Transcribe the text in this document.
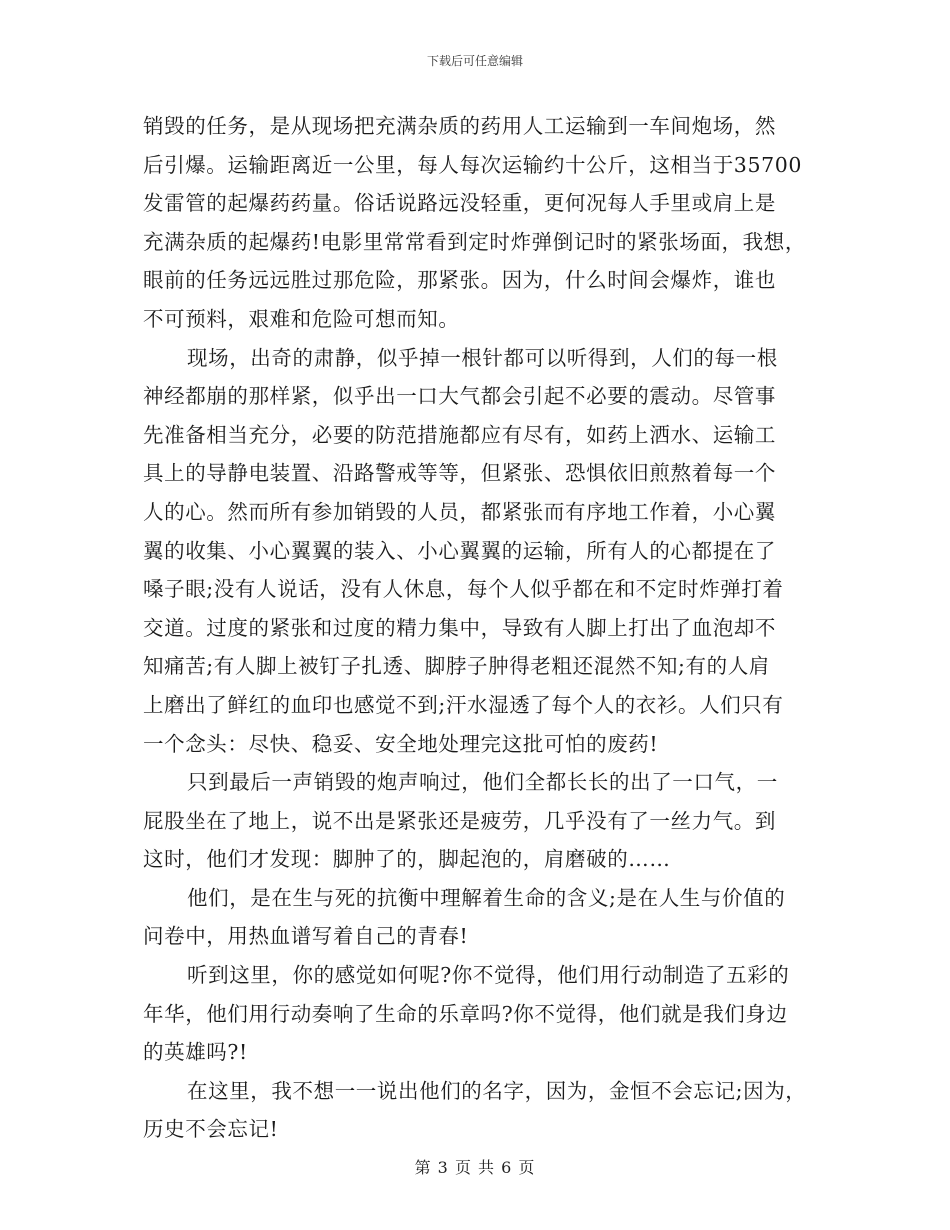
下载后可任意编辑
销毁的任务，是从现场把充满杂质的药用人工运输到一车间炮场，然
后引爆。运输距离近一公里，每人每次运输约十公斤，这相当于35700
发雷管的起爆药药量。俗话说路远没轻重，更何况每人手里或肩上是
充满杂质的起爆药!电影里常常看到定时炸弹倒记时的紧张场面，我想，
眼前的任务远远胜过那危险，那紧张。因为，什么时间会爆炸，谁也
不可预料，艰难和危险可想而知。
现场，出奇的肃静，似乎掉一根针都可以听得到，人们的每一根
神经都崩的那样紧，似乎出一口大气都会引起不必要的震动。尽管事
先准备相当充分，必要的防范措施都应有尽有，如药上洒水、运输工
具上的导静电装置、沿路警戒等等，但紧张、恐惧依旧煎熬着每一个
人的心。然而所有参加销毁的人员，都紧张而有序地工作着，小心翼
翼的收集、小心翼翼的装入、小心翼翼的运输，所有人的心都提在了
嗓子眼;没有人说话，没有人休息，每个人似乎都在和不定时炸弹打着
交道。过度的紧张和过度的精力集中，导致有人脚上打出了血泡却不
知痛苦;有人脚上被钉子扎透、脚脖子肿得老粗还混然不知;有的人肩
上磨出了鲜红的血印也感觉不到;汗水湿透了每个人的衣衫。人们只有
一个念头：尽快、稳妥、安全地处理完这批可怕的废药!
只到最后一声销毁的炮声响过，他们全都长长的出了一口气，一
屁股坐在了地上，说不出是紧张还是疲劳，几乎没有了一丝力气。到
这时，他们才发现：脚肿了的，脚起泡的，肩磨破的……
他们，是在生与死的抗衡中理解着生命的含义;是在人生与价值的
问卷中，用热血谱写着自己的青春!
听到这里，你的感觉如何呢?你不觉得，他们用行动制造了五彩的
年华，他们用行动奏响了生命的乐章吗?你不觉得，他们就是我们身边
的英雄吗?!
在这里，我不想一一说出他们的名字，因为，金恒不会忘记;因为，
历史不会忘记!
第 3 页 共 6 页
